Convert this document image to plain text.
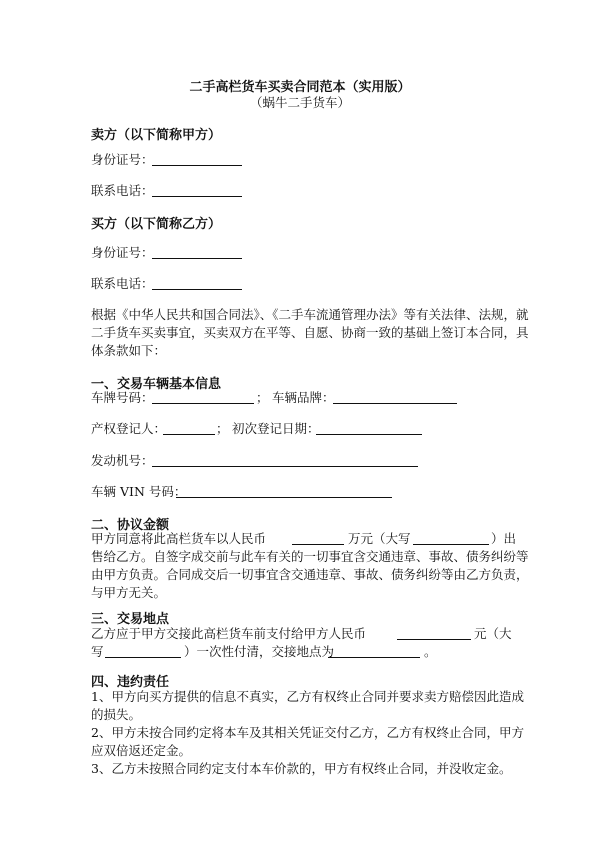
二手高栏货车买卖合同范本（实用版）
（蜗牛二手货车）
卖方（以下简称甲方）
身份证号：
联系电话：
买方（以下简称乙方）
身份证号：
联系电话：
根据《中华人民共和国合同法》、《二手车流通管理办法》等有关法律、法规，就
二手货车买卖事宜，买卖双方在平等、自愿、协商一致的基础上签订本合同，具
体条款如下：
一、交易车辆基本信息
车牌号码：	； 车辆品牌：
产权登记人：	； 初次登记日期：
发动机号：
车辆 VIN 号码：
二、协议金额
甲方同意将此高栏货车以人民币	万元（大写	）出
售给乙方。自签字成交前与此车有关的一切事宜含交通违章、事故、债务纠纷等
由甲方负责。合同成交后一切事宜含交通违章、事故、债务纠纷等由乙方负责，
与甲方无关。
三、交易地点
乙方应于甲方交接此高栏货车前支付给甲方人民币	元（大
写	）一次性付清，交接地点为	。
四、违约责任
1、甲方向买方提供的信息不真实，乙方有权终止合同并要求卖方赔偿因此造成
的损失。
2、甲方未按合同约定将本车及其相关凭证交付乙方，乙方有权终止合同，甲方
应双倍返还定金。
3、乙方未按照合同约定支付本车价款的，甲方有权终止合同，并没收定金。
